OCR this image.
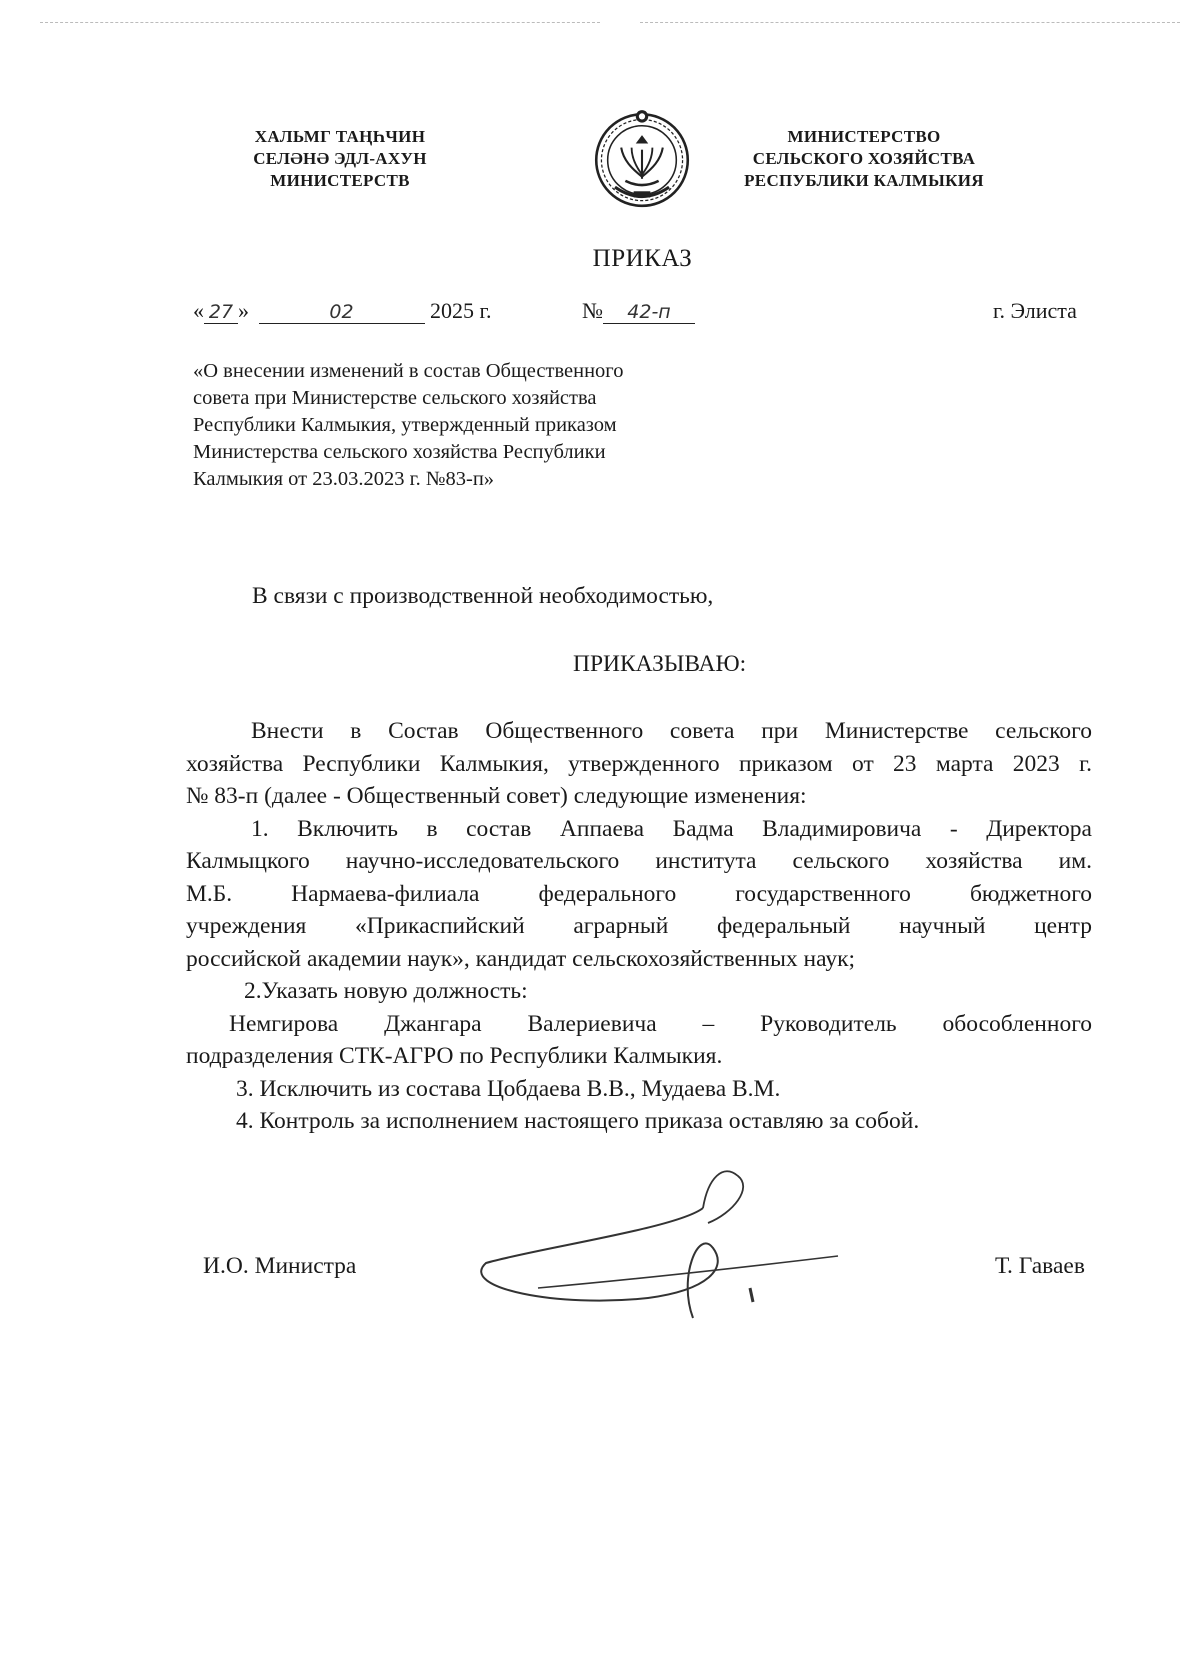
ХАЛЬМГ ТАҢҺЧИН
СЕЛӘНӘ ЭДЛ-АХУН
МИНИСТЕРСТВ
МИНИСТЕРСТВО
СЕЛЬСКОГО ХОЗЯЙСТВА
РЕСПУБЛИКИ КАЛМЫКИЯ
ПРИКАЗ
« 27 »	02	2025 г.	№ 42-п	г. Элиста
«О внесении изменений в состав Общественного
совета при Министерстве сельского хозяйства
Республики Калмыкия, утвержденный приказом
Министерства сельского хозяйства Республики
Калмыкия от 23.03.2023 г. №83-п»
В связи с производственной необходимостью,
ПРИКАЗЫВАЮ:
Внести в Состав Общественного совета при Министерстве сельского
хозяйства Республики Калмыкия, утвержденного приказом от 23 марта 2023 г.
№ 83-п (далее - Общественный совет) следующие изменения:
1. Включить в состав Аппаева Бадма Владимировича - Директора
Калмыцкого научно-исследовательского института сельского хозяйства им.
М.Б. Нармаева-филиала федерального государственного бюджетного
учреждения «Прикаспийский аграрный федеральный научный центр
российской академии наук», кандидат сельскохозяйственных наук;
2.Указать новую должность:
Немгирова Джангара Валериевича – Руководитель обособленного
подразделения СТК-АГРО по Республики Калмыкия.
3. Исключить из состава Цобдаева В.В., Мудаева В.М.
4. Контроль за исполнением настоящего приказа оставляю за собой.
И.О. Министра	Т. Гаваев
